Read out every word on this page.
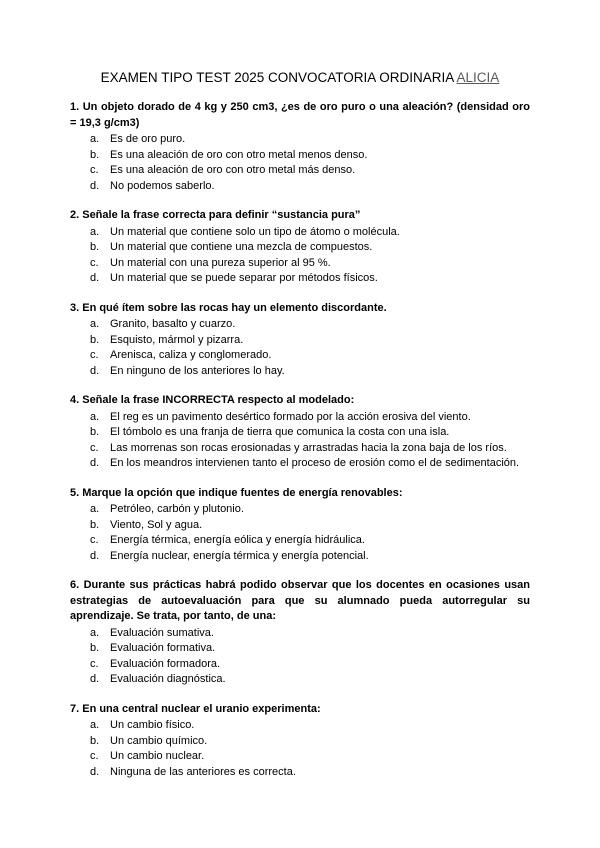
EXAMEN TIPO TEST 2025 CONVOCATORIA ORDINARIA ALICIA

1. Un objeto dorado de 4 kg y 250 cm3, ¿es de oro puro o una aleación? (densidad oro = 19,3 g/cm3)

a. Es de oro puro.
b. Es una aleación de oro con otro metal menos denso.
c.	Es una aleación de oro con otro metal más denso.
d. No podemos saberlo.

2. Señale la frase correcta para definir “sustancia pura”

a. Un material que contiene solo un tipo de átomo o molécula.
b. Un material que contiene una mezcla de compuestos.
c.	Un material con una pureza superior al 95 %.
d. Un material que se puede separar por métodos físicos.

3. En qué ítem sobre las rocas hay un elemento discordante.

a. Granito, basalto y cuarzo.
b. Esquisto, mármol y pizarra.
c.	Arenisca, caliza y conglomerado.
d. En ninguno de los anteriores lo hay.

4. Señale la frase INCORRECTA respecto al modelado:

a. El reg es un pavimento desértico formado por la acción erosiva del viento.
b. El tómbolo es una franja de tierra que comunica la costa con una isla.
c.	Las morrenas son rocas erosionadas y arrastradas hacia la zona baja de los ríos.
d. En los meandros intervienen tanto el proceso de erosión como el de sedimentación.

5. Marque la opción que indique fuentes de energía renovables:

a. Petróleo, carbón y plutonio.
b. Viento, Sol y agua.
c.	Energía térmica, energía eólica y energía hidráulica.
d. Energía nuclear, energía térmica y energía potencial.

6. Durante sus prácticas habrá podido observar que los docentes en ocasiones usan estrategias de autoevaluación para que su alumnado pueda autorregular su aprendizaje. Se trata, por tanto, de una:

a. Evaluación sumativa.
b. Evaluación formativa.
c.	Evaluación formadora.
d. Evaluación diagnóstica.

7. En una central nuclear el uranio experimenta:

a. Un cambio físico.
b. Un cambio químico.
c.	Un cambio nuclear.
d. Ninguna de las anteriores es correcta.
